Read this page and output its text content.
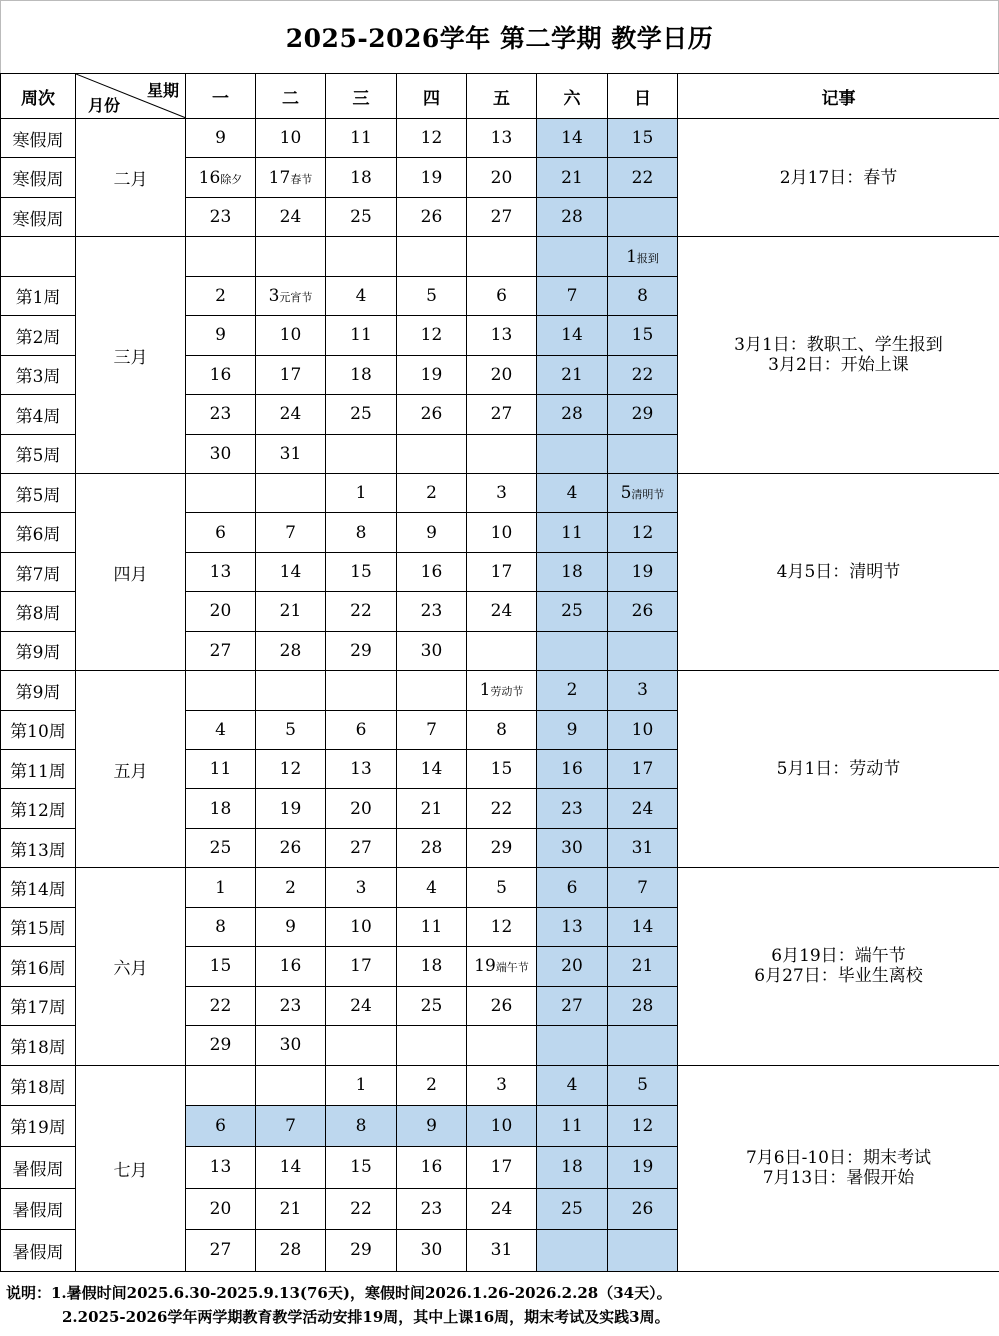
2025-2026学年 第二学期 教学日历
周次	星期
月份	一	二	三	四	五	六	日	记事
寒假周	二月	9	10	11	12	13	14	15	2月17日：春节

寒假周		16除夕	17春节	18	19	20	21	22	
寒假周		23	24	25	26	27	28		
	三月							1报到	3月1日：教职工、学生报到
3月2日：开始上课

第1周		2	3元宵节	4	5	6	7	8	
第2周		9	10	11	12	13	14	15	
第3周		16	17	18	19	20	21	22	
第4周		23	24	25	26	27	28	29	
第5周		30	31						
第5周	四月			1	2	3	4	5清明节	4月5日：清明节

第6周		6	7	8	9	10	11	12	
第7周		13	14	15	16	17	18	19	
第8周		20	21	22	23	24	25	26	
第9周		27	28	29	30				
第9周	五月					1劳动节	2	3	5月1日：劳动节

第10周		4	5	6	7	8	9	10	
第11周		11	12	13	14	15	16	17	
第12周		18	19	20	21	22	23	24	
第13周		25	26	27	28	29	30	31	
第14周	六月	1	2	3	4	5	6	7	6月19日：端午节
6月27日：毕业生离校

第15周		8	9	10	11	12	13	14	
第16周		15	16	17	18	19端午节	20	21	
第17周		22	23	24	25	26	27	28	
第18周		29	30						
第18周	七月			1	2	3	4	5	7月6日-10日：期末考试
7月13日：暑假开始

第19周		6	7	8	9	10	11	12	
暑假周		13	14	15	16	17	18	19	
暑假周		20	21	22	23	24	25	26	
暑假周		27	28	29	30	31			
说明：1.暑假时间2025.6.30-2025.9.13(76天)，寒假时间2026.1.26-2026.2.28（34天）。
2.2025-2026学年两学期教育教学活动安排19周，其中上课16周，期末考试及实践3周。
